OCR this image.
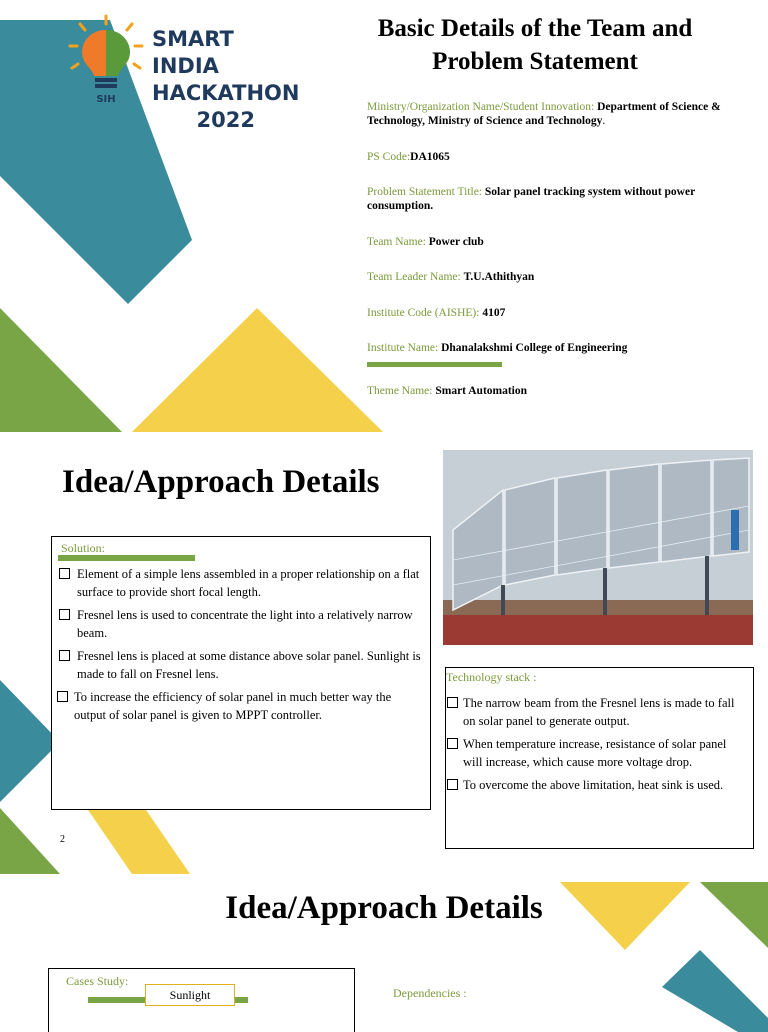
SIH
SMART INDIA
HACKATHON
2022
Basic Details of the Team and
Problem Statement
Ministry/Organization Name/Student Innovation: Department of Science & Technology, Ministry of Science and Technology.
PS Code:DA1065
Problem Statement Title: Solar panel tracking system without power consumption.
Team Name: Power club
Team Leader Name: T.U.Athithyan
Institute Code (AISHE): 4107
Institute Name: Dhanalakshmi College of Engineering
Theme Name: Smart Automation
Idea/Approach Details
Solution:
Element of a simple lens assembled in a proper relationship on a flat surface to provide short focal length.
Fresnel lens is used to concentrate the light into a relatively narrow beam.
Fresnel lens is placed at some distance above solar panel. Sunlight is made to fall on Fresnel lens.
To increase the efficiency of solar panel in much better way the output of solar panel is given to MPPT controller.
Technology stack :
The narrow beam from the Fresnel lens is made to fall on solar panel to generate output.
When temperature increase, resistance of solar panel will increase, which cause more voltage drop.
To overcome the above limitation, heat sink is used.
2
Idea/Approach Details
Cases Study:
Sunlight	Dependencies :
